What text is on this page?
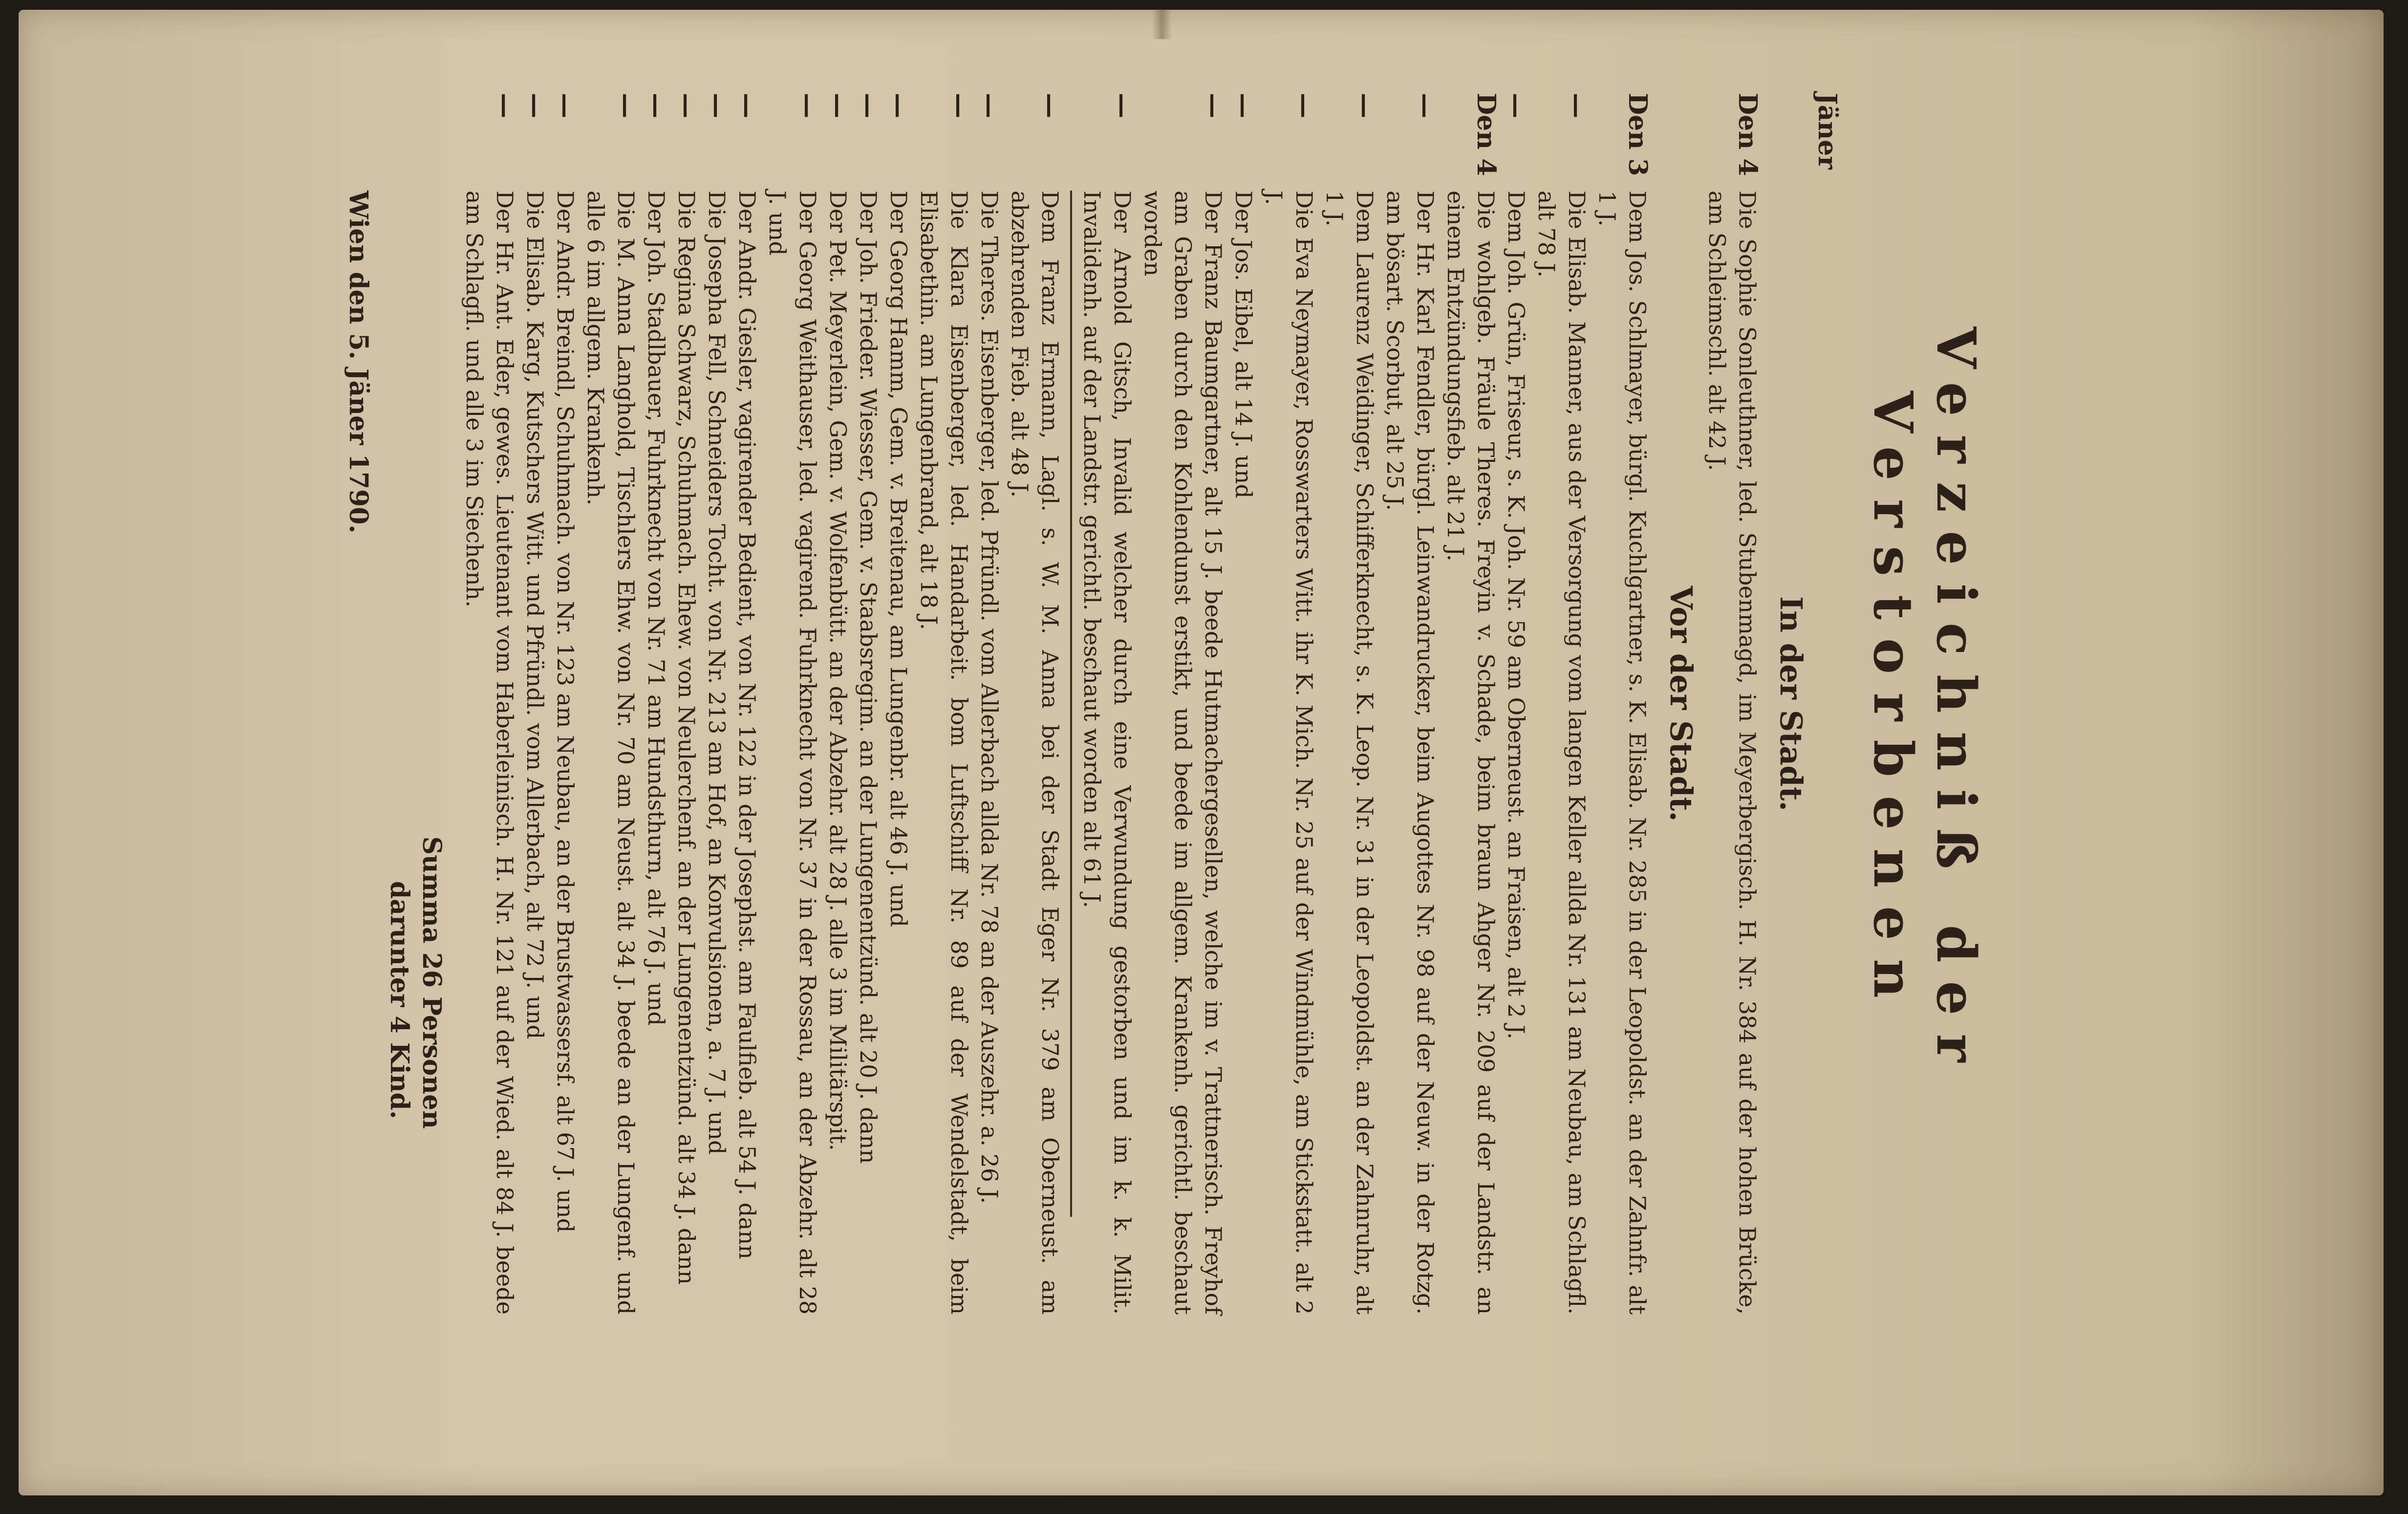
Verzeichniß der Verstorbenen
Jäner
In der Stadt.
Den 4
Die Sophie Sonleuthner, led. Stubenmagd, im Meyerbergisch. H. Nr. 384 auf der hohen Brücke, am Schleimschl. alt 42 J.
Vor der Stadt.
Den 3
Dem Jos. Schlmayer, bürgl. Kuchlgartner, s. K. Elisab. Nr. 285 in der Leopoldst. an der Zahnfr. alt 1 J.
—
Die Elisab. Manner, aus der Versorgung vom langen Keller allda Nr. 131 am Neubau, am Schlagfl. alt 78 J.
—
Dem Joh. Grün, Friseur, s. K. Joh. Nr. 59 am Oberneust. an Fraisen, alt 2 J.
Den 4
Die wohlgeb. Fräule Theres. Freyin v. Schade, beim braun Ahger Nr. 209 auf der Landstr. an einem Entzündungsfieb. alt 21 J.
—
Der Hr. Karl Fendler, bürgl. Leinwandrucker, beim Augottes Nr. 98 auf der Neuw. in der Rotzg. am bösart. Scorbut, alt 25 J.
—
Dem Laurenz Weidinger, Schifferknecht, s. K. Leop. Nr. 31 in der Leopoldst. an der Zahnruhr, alt 1 J.
—
Die Eva Neymayer, Rosswarters Witt. ihr K. Mich. Nr. 25 auf der Windmühle, am Stickstatt. alt 2 J.
—
Der Jos. Eibel, alt 14 J. und
—
Der Franz Baumgartner, alt 15 J. beede Hutmachergesellen, welche im v. Trattnerisch. Freyhof am Graben durch den Kohlendunst erstikt, und beede im allgem. Krankenh. gerichtl. beschaut worden
—
Der Arnold Gitsch, Invalid welcher durch eine Verwundung gestorben und im k. k. Milit. Invalidenh. auf der Landstr. gerichtl. beschaut worden alt 61 J.
—
Dem Franz Ermann, Lagl. s. W. M. Anna bei der Stadt Eger Nr. 379 am Oberneust. am abzehrenden Fieb. alt 48 J.
—
Die Theres. Eisenberger, led. Pfründl. vom Allerbach allda Nr. 78 an der Auszehr. a. 26 J.
—
Die Klara Eisenberger, led. Handarbeit. bom Luftschiff Nr. 89 auf der Wendelstadt, beim Elisabethin. am Lungenbrand, alt 18 J.
—
Der Georg Hamm, Gem. v. Breitenau, am Lungenbr. alt 46 J. und
—
Der Joh. Frieder. Wiesser, Gem. v. Staabsregim. an der Lungenentzünd. alt 20 J. dann
—
Der Pet. Meyerlein, Gem. v. Wolfenbütt. an der Abzehr. alt 28 J. alle 3 im Militärspit.
—
Der Georg Weithauser, led. vagirend. Fuhrknecht von Nr. 37 in der Rossau, an der Abzehr. alt 28 J. und
—
Der Andr. Giesler, vagirender Bedient, von Nr. 122 in der Josephst. am Faulfieb. alt 54 J. dann
—
Die Josepha Fell, Schneiders Tocht. von Nr. 213 am Hof, an Konvulsionen, a. 7 J. und
—
Die Regina Schwarz, Schuhmach. Ehew. von Neulerchenf. an der Lungenentzünd. alt 34 J. dann
—
Der Joh. Stadlbauer, Fuhrknecht von Nr. 71 am Hundsthurn, alt 76 J. und
—
Die M. Anna Langhold, Tischlers Ehw. von Nr. 70 am Neust. alt 34 J. beede an der Lungenf. und alle 6 im allgem. Krankenh.
—
Der Andr. Breindl, Schuhmach. von Nr. 123 am Neubau, an der Brustwassersf. alt 67 J. und
—
Die Elisab. Karg, Kutschers Witt. und Pfründl. vom Allerbach, alt 72 J. und
—
Der Hr. Ant. Eder, gewes. Lieutenant vom Haberleinisch. H. Nr. 121 auf der Wied. alt 84 J. beede am Schlagfl. und alle 3 im Siechenh.
Summa 26 Personen
darunter 4 Kind.
Wien den 5. Jäner 1790.
